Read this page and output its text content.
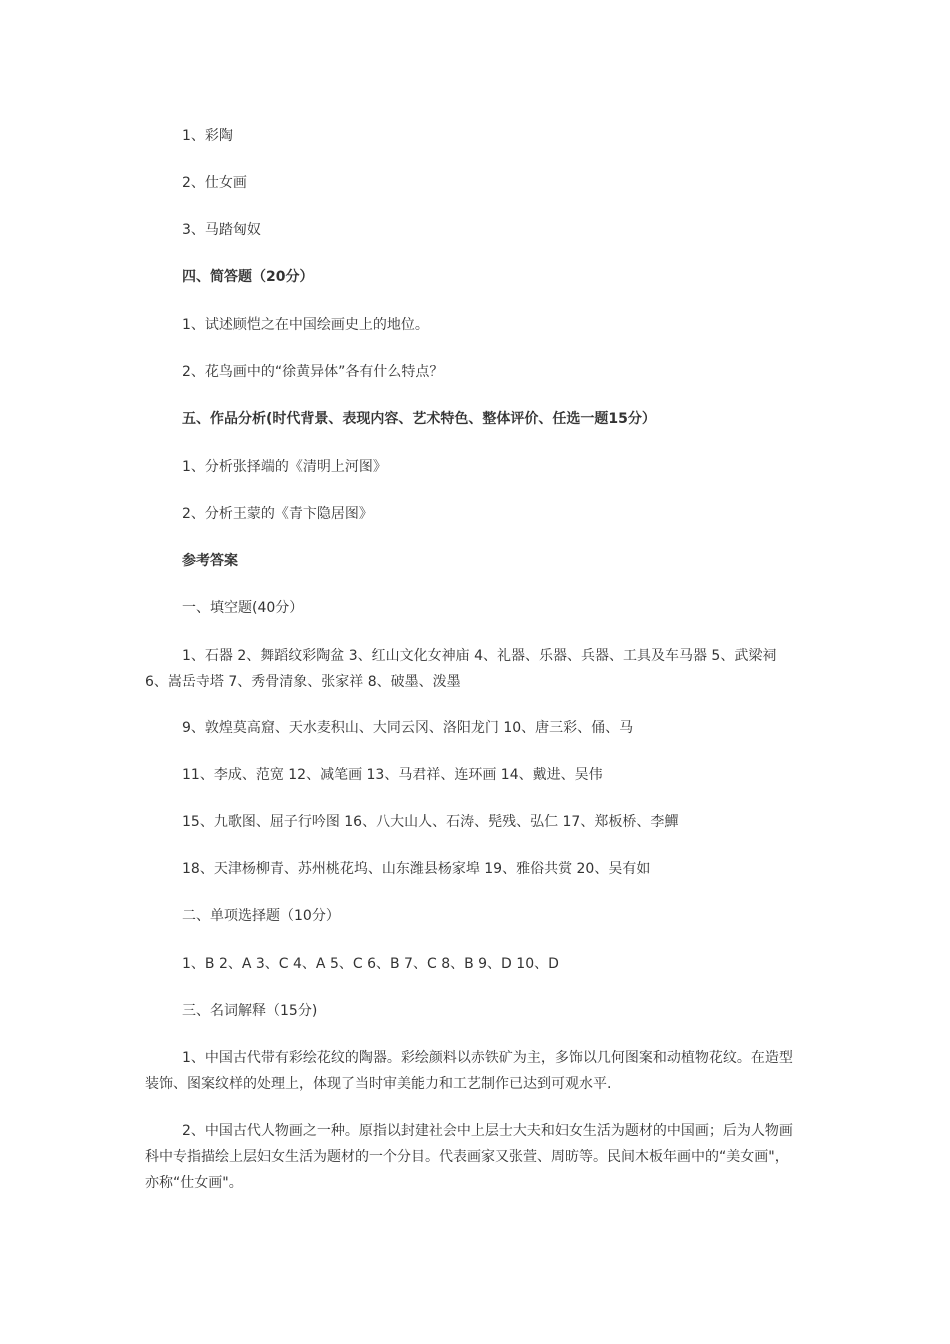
1、彩陶

2、仕女画

3、马踏匈奴

四、简答题（20分）

1、试述顾恺之在中国绘画史上的地位。

2、花鸟画中的“徐黄异体”各有什么特点？

五、作品分析(时代背景、表现内容、艺术特色、整体评价、任选一题15分）

1、分析张择端的《清明上河图》

2、分析王蒙的《青卞隐居图》

参考答案

一、填空题(40分）

1、石器 2、舞蹈纹彩陶盆 3、红山文化女神庙 4、礼器、乐器、兵器、工具及车马器 5、武梁祠 6、嵩岳寺塔 7、秀骨清象、张家祥 8、破墨、泼墨

9、敦煌莫高窟、天水麦积山、大同云冈、洛阳龙门 10、唐三彩、俑、马

11、李成、范宽 12、减笔画 13、马君祥、连环画 14、戴进、吴伟

15、九歌图、屈子行吟图 16、八大山人、石涛、髡残、弘仁 17、郑板桥、李鱓

18、天津杨柳青、苏州桃花坞、山东潍县杨家埠 19、雅俗共赏 20、吴有如

二、单项选择题（10分）

1、B 2、A 3、C 4、A 5、C 6、B 7、C 8、B 9、D 10、D

三、名词解释（15分)

1、中国古代带有彩绘花纹的陶器。彩绘颜料以赤铁矿为主，多饰以几何图案和动植物花纹。在造型装饰、图案纹样的处理上，体现了当时审美能力和工艺制作已达到可观水平.

2、中国古代人物画之一种。原指以封建社会中上层士大夫和妇女生活为题材的中国画；后为人物画科中专指描绘上层妇女生活为题材的一个分目。代表画家又张萱、周昉等。民间木板年画中的“美女画"，亦称“仕女画"。
